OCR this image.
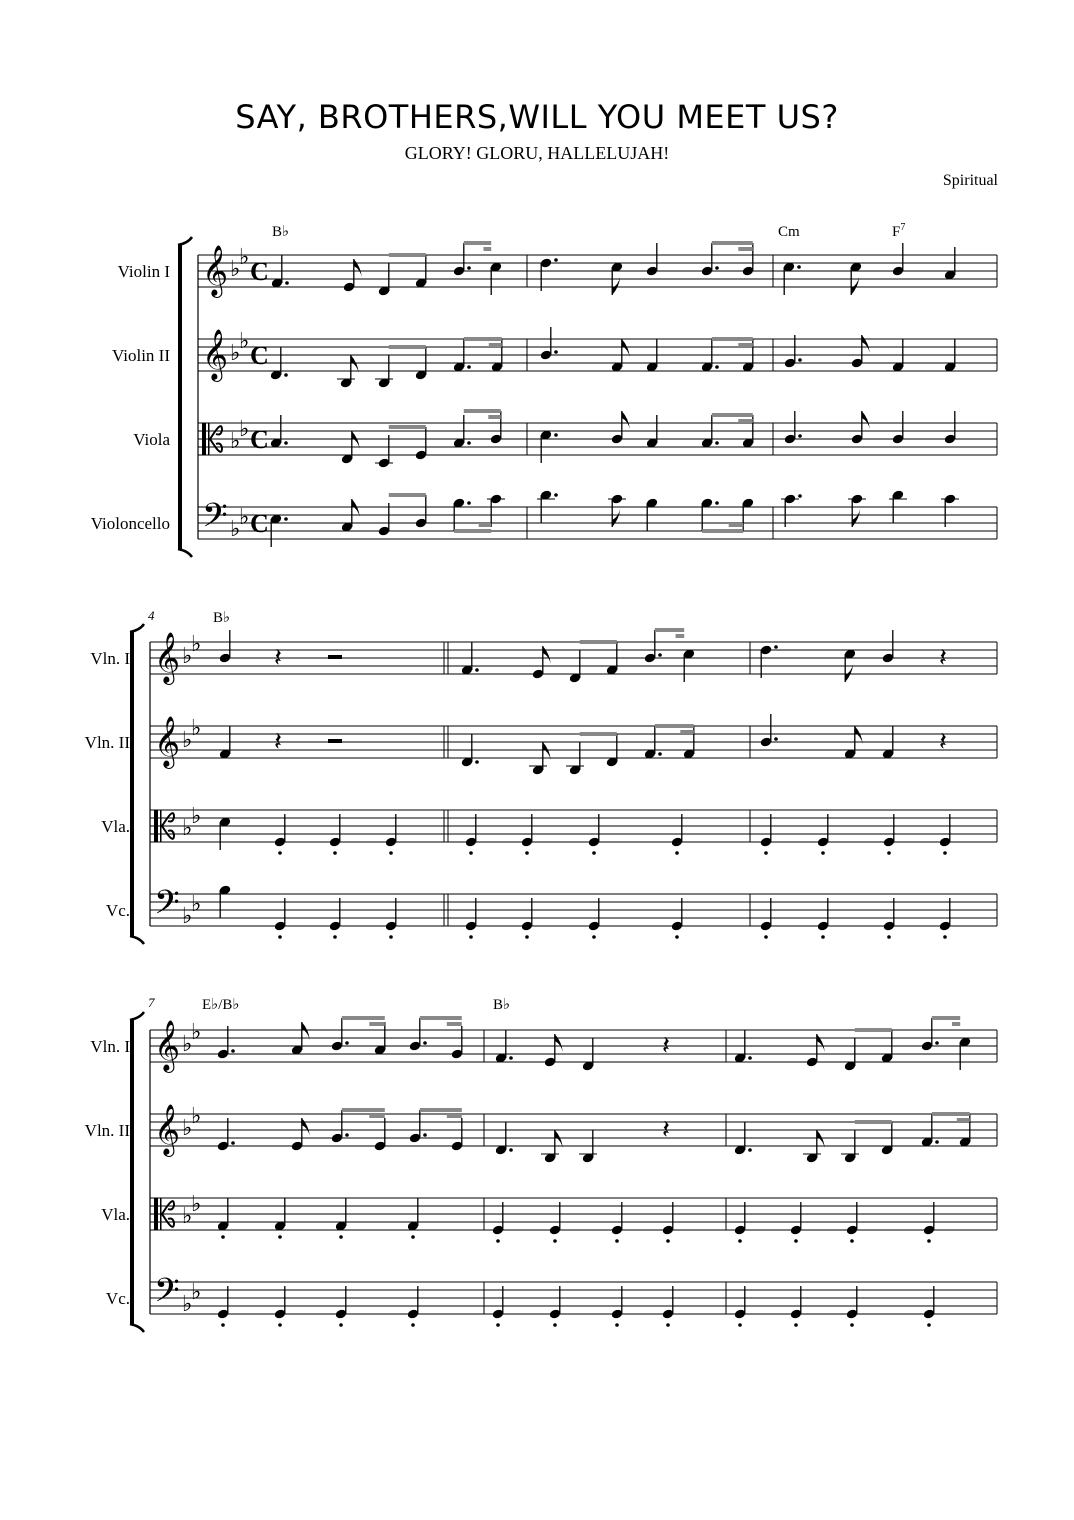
SAY, BROTHERS,WILL YOU MEET US?
GLORY! GLORU, HALLELUJAH!
Spiritual
Violin I 𝄞 ♭
♭ C
Violin II 𝄞 ♭
♭ C
Viola	♭
♭ C
Violoncello 𝄢 ♭
♭ C
B♭	Cm	$F^7$
Vln. I 𝄞 ♭
♭	𝄽	𝄽
Vln. II 𝄞 ♭
♭	𝄽	𝄽
Vla. ♭
♭
Vc. 𝄢 ♭
♭
4	B♭
Vln. I 𝄞 ♭
♭	𝄽
Vln. II 𝄞 ♭
♭	𝄽
Vla. ♭
♭
Vc. 𝄢 ♭
♭
7	E♭/B♭	B♭
